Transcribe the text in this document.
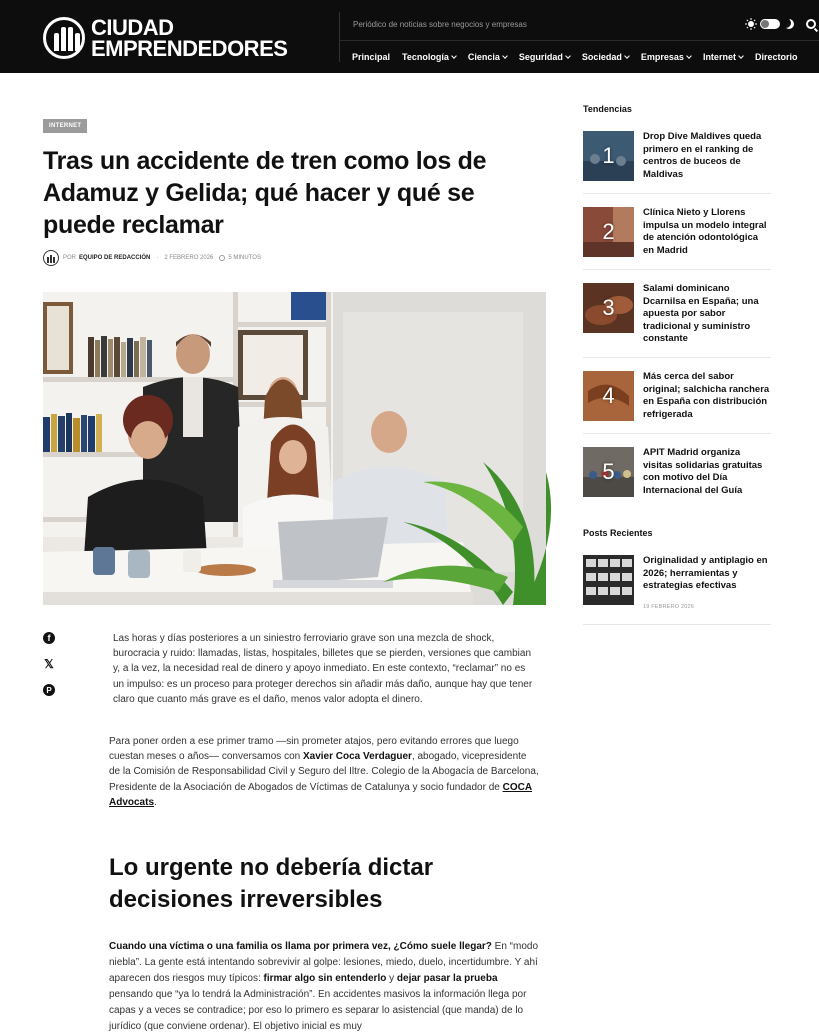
CIUDAD
EMPRENDEDORES
Periódico de noticias sobre negocios y empresas
Principal Tecnología Ciencia Seguridad Sociedad Empresas Internet Directorio
INTERNET
Tras un accidente de tren como los de Adamuz y Gelida; qué hacer y qué se puede reclamar
POR EQUIPO DE REDACCIÓN · 2 FEBRERO 2026	5 MINUTOS
f
𝕏
P

Las horas y días posteriores a un siniestro ferroviario grave son una mezcla de shock, burocracia y ruido: llamadas, listas, hospitales, billetes que se pierden, versiones que cambian y, a la vez, la necesidad real de dinero y apoyo inmediato. En este contexto, “reclamar” no es un impulso: es un proceso para proteger derechos sin añadir más daño, aunque hay que tener claro que cuanto más grave es el daño, menos valor adopta el dinero.

Para poner orden a ese primer tramo —sin prometer atajos, pero evitando errores que luego cuestan meses o años— conversamos con Xavier Coca Verdaguer, abogado, vicepresidente de la Comisión de Responsabilidad Civil y Seguro del Iltre. Colegio de la Abogacía de Barcelona, Presidente de la Asociación de Abogados de Víctimas de Catalunya y socio fundador de COCA Advocats.

Lo urgente no debería dictar decisiones irreversibles

Cuando una víctima o una familia os llama por primera vez, ¿Cómo suele llegar? En “modo niebla”. La gente está intentando sobrevivir al golpe: lesiones, miedo, duelo, incertidumbre. Y ahí aparecen dos riesgos muy típicos: firmar algo sin entenderlo y dejar pasar la prueba pensando que “ya lo tendrá la Administración”. En accidentes masivos la información llega por capas y a veces se contradice; por eso lo primero es separar lo asistencial (que manda) de lo jurídico (que conviene ordenar). El objetivo inicial es muy

Tendencias
1
Drop Dive Maldives queda primero en el ranking de centros de buceos de Maldivas
2
Clínica Nieto y Llorens impulsa un modelo integral de atención odontológica en Madrid
3
Salami dominicano Dcarnilsa en España; una apuesta por sabor tradicional y suministro constante
4
Más cerca del sabor original; salchicha ranchera en España con distribución refrigerada
5
APIT Madrid organiza visitas solidarias gratuitas con motivo del Día Internacional del Guía
Posts Recientes
Originalidad y antiplagio en 2026; herramientas y estrategias efectivas
19 FEBRERO 2026
